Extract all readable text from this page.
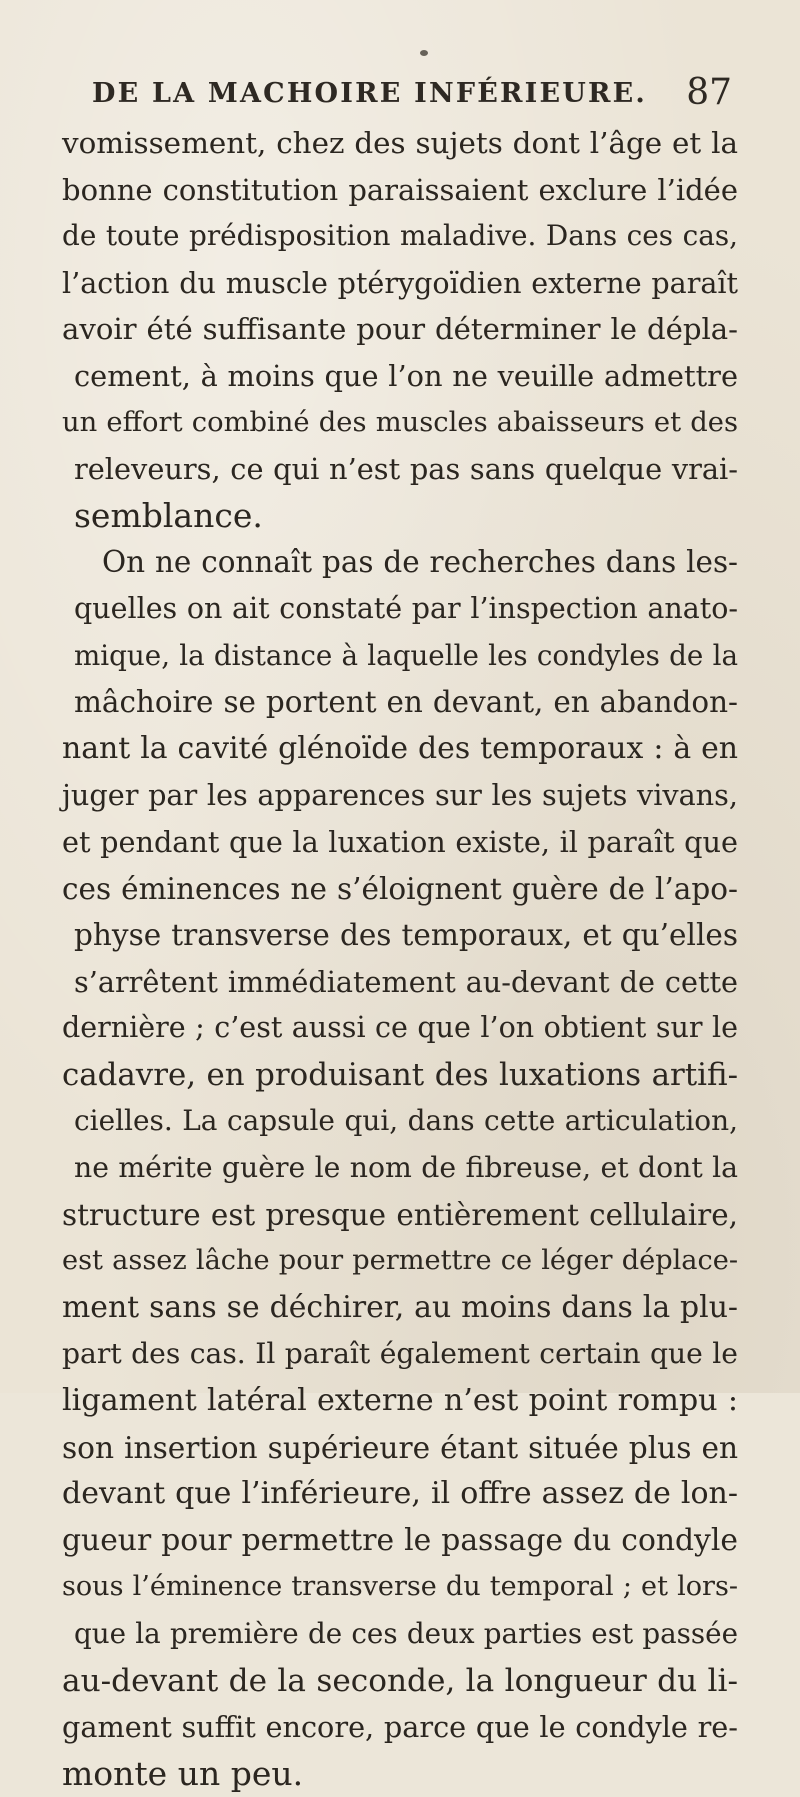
DE LA MACHOIRE INFÉRIEURE. 87
vomissement, chez des sujets dont l’âge et la
bonne constitution paraissaient exclure l’idée
de toute prédisposition maladive. Dans ces cas,
l’action du muscle ptérygoïdien externe paraît
avoir été suffisante pour déterminer le dépla-
cement, à moins que l’on ne veuille admettre
un effort combiné des muscles abaisseurs et des
releveurs, ce qui n’est pas sans quelque vrai-
semblance.
On ne connaît pas de recherches dans les-
quelles on ait constaté par l’inspection anato-
mique, la distance à laquelle les condyles de la
mâchoire se portent en devant, en abandon-
nant la cavité glénoïde des temporaux : à en
juger par les apparences sur les sujets vivans,
et pendant que la luxation existe, il paraît que
ces éminences ne s’éloignent guère de l’apo-
physe transverse des temporaux, et qu’elles
s’arrêtent immédiatement au-devant de cette
dernière ; c’est aussi ce que l’on obtient sur le
cadavre, en produisant des luxations artifi-
cielles. La capsule qui, dans cette articulation,
ne mérite guère le nom de fibreuse, et dont la
structure est presque entièrement cellulaire,
est assez lâche pour permettre ce léger déplace-
ment sans se déchirer, au moins dans la plu-
part des cas. Il paraît également certain que le
ligament latéral externe n’est point rompu :
son insertion supérieure étant située plus en
devant que l’inférieure, il offre assez de lon-
gueur pour permettre le passage du condyle
sous l’éminence transverse du temporal ; et lors-
que la première de ces deux parties est passée
au-devant de la seconde, la longueur du li-
gament suffit encore, parce que le condyle re-
monte un peu.
